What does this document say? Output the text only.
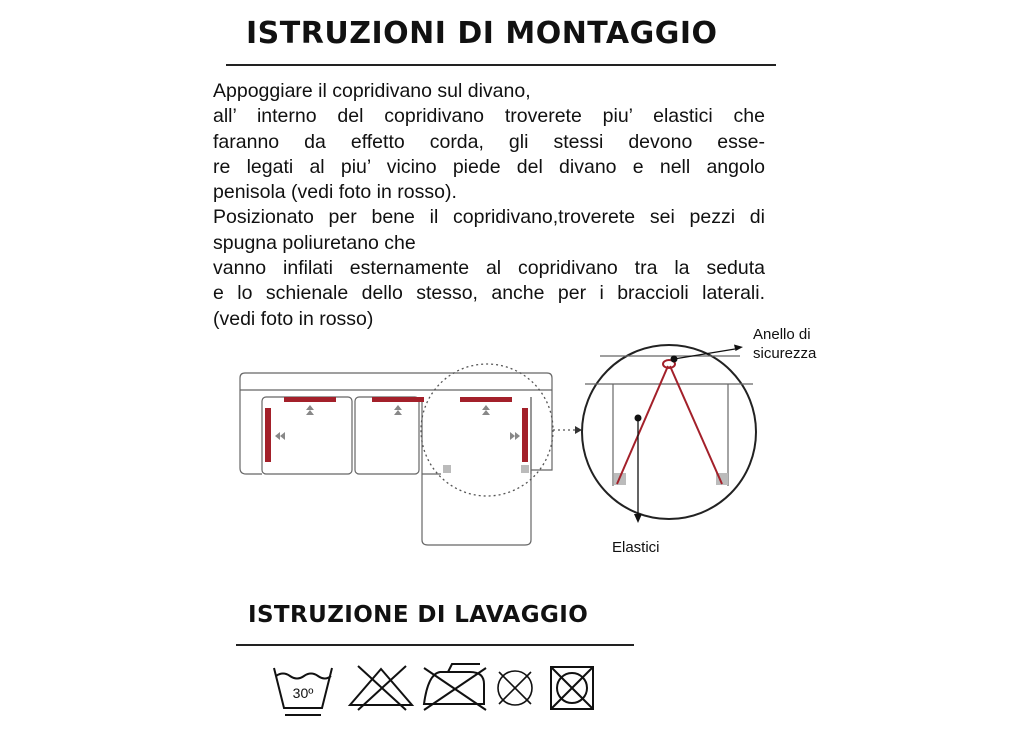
ISTRUZIONI DI MONTAGGIO
Appoggiare il copridivano sul divano,
all’ interno del copridivano troverete piu’ elastici che
faranno da effetto corda, gli stessi devono esse-
re legati al piu’ vicino piede del divano e nell angolo
penisola (vedi foto in rosso).
Posizionato per bene il copridivano,troverete sei pezzi di
spugna poliuretano che
vanno infilati esternamente al copridivano tra la seduta
e lo schienale dello stesso, anche per i braccioli laterali.
(vedi foto in rosso)
Anello di
sicurezza
Elastici
ISTRUZIONE DI LAVAGGIO
30º
